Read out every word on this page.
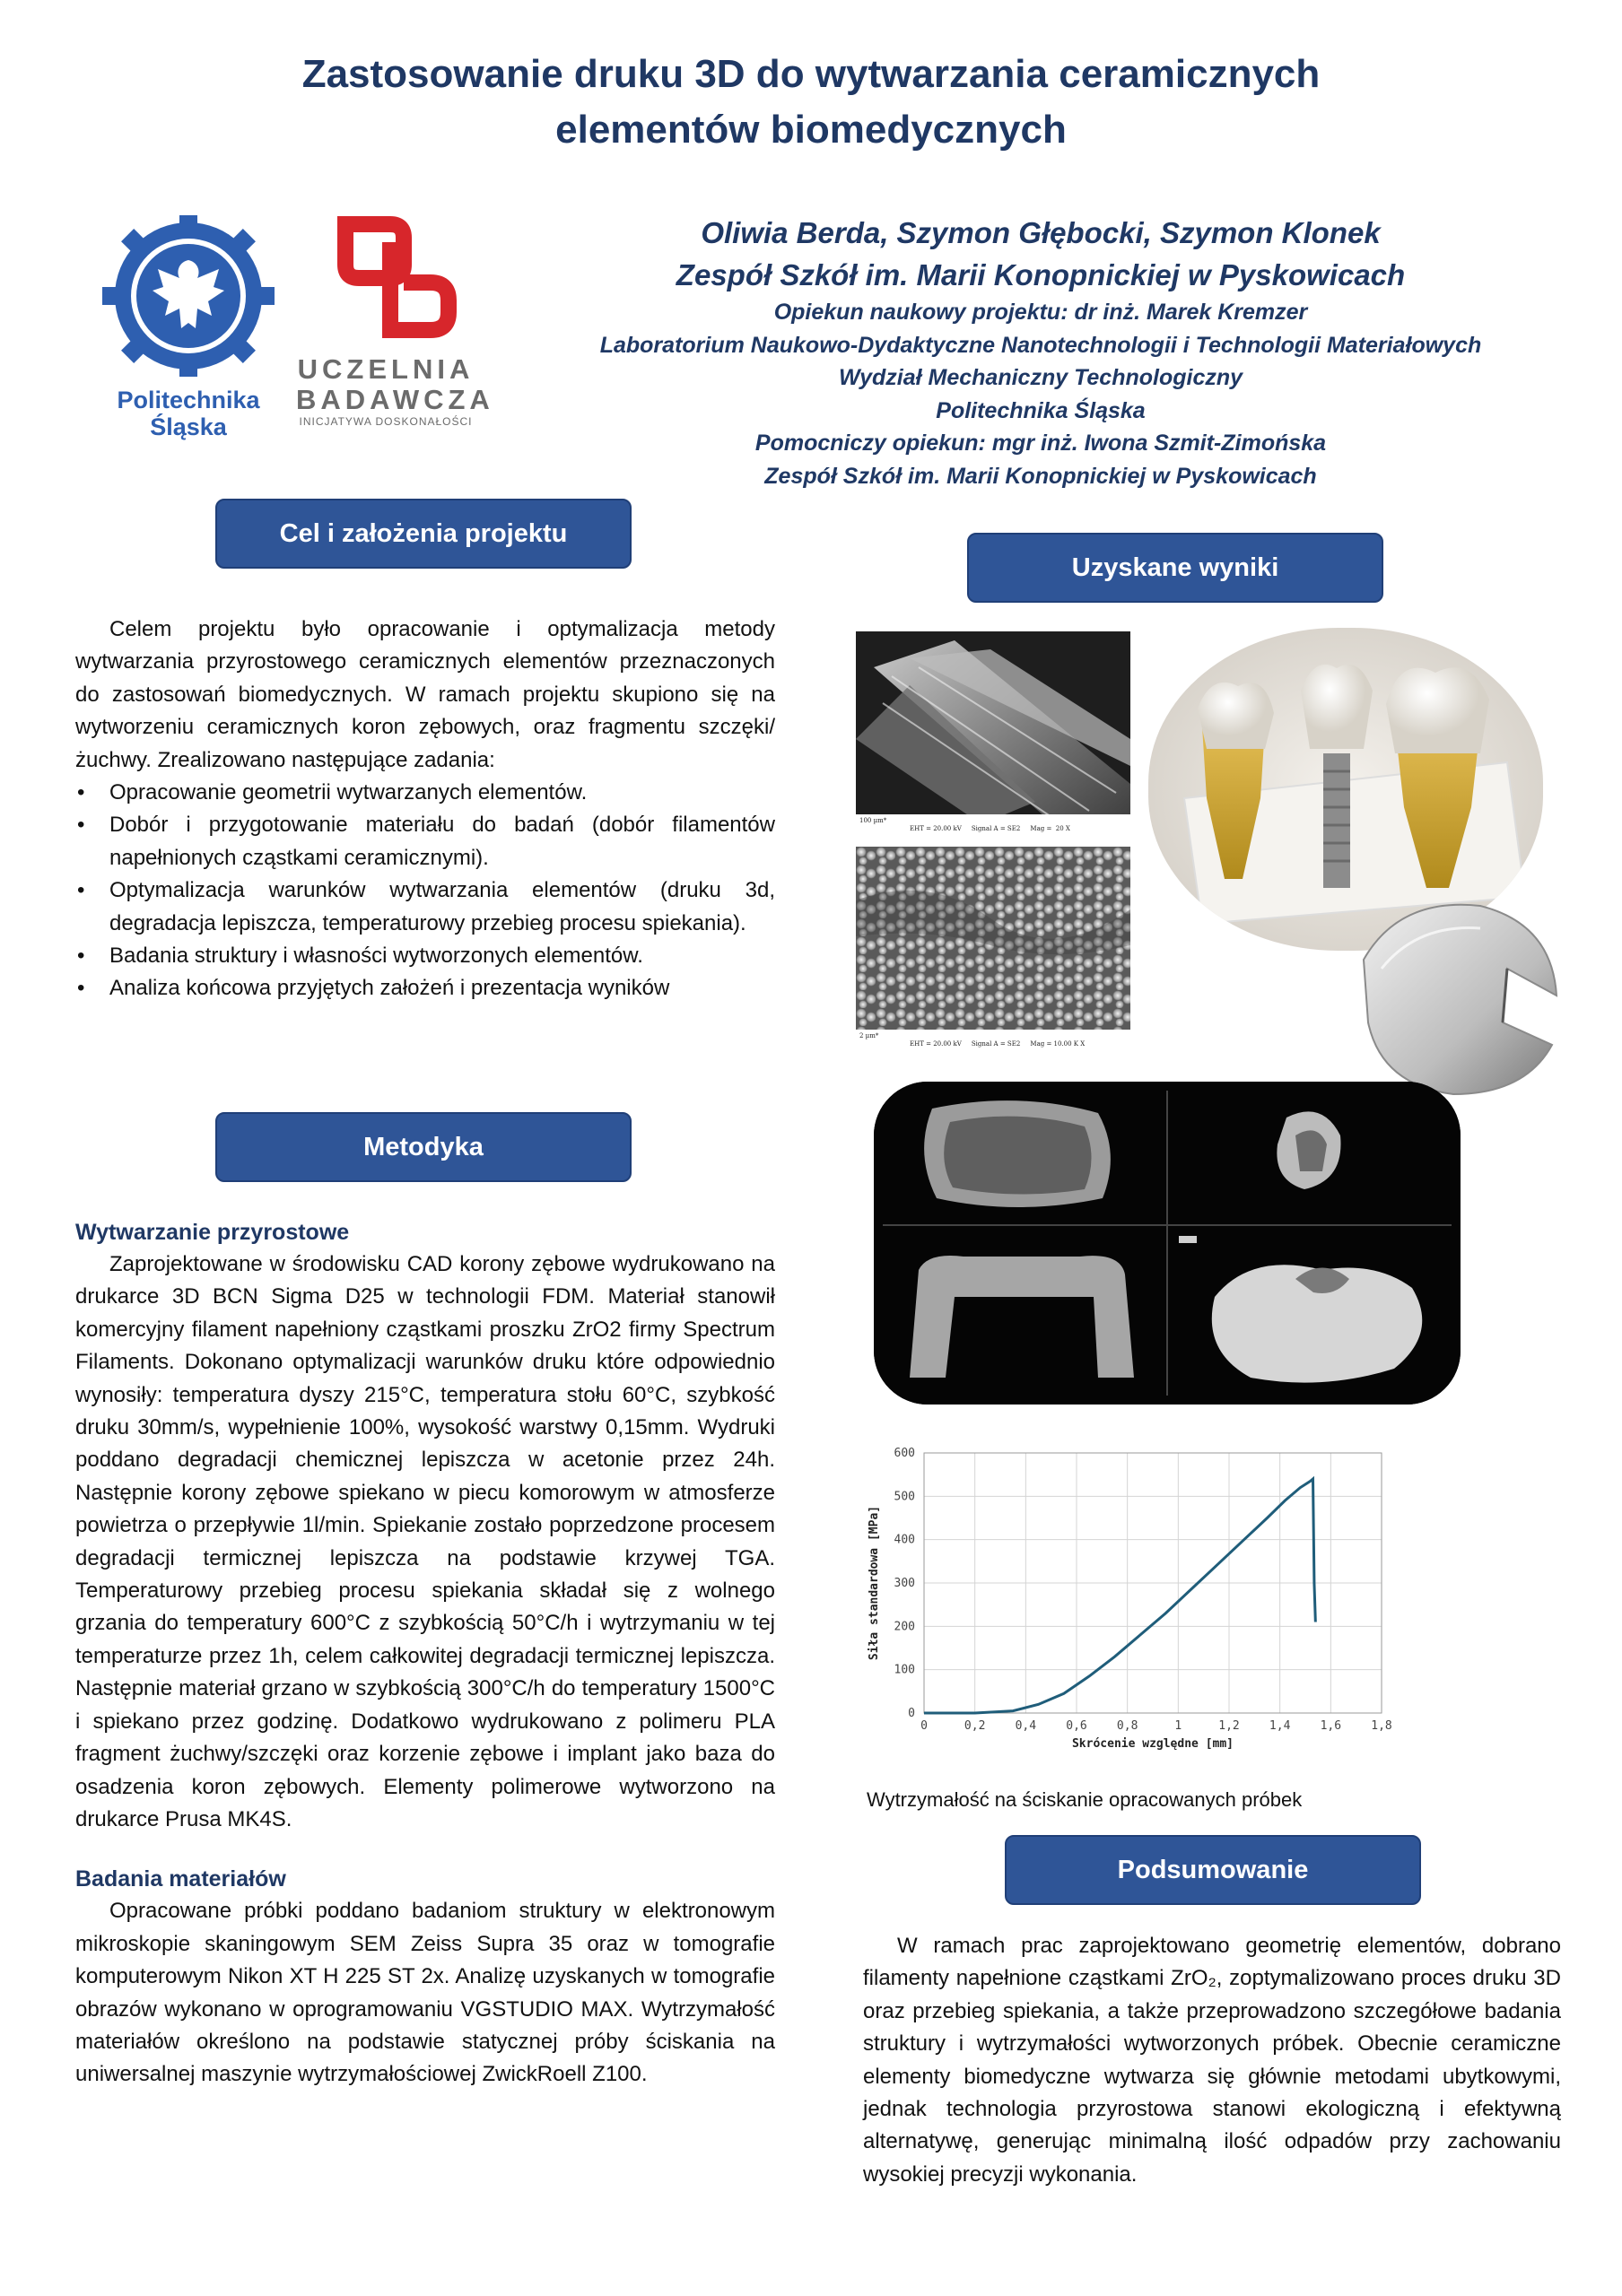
Zastosowanie druku 3D do wytwarzania ceramicznych
elementów biomedycznych
Politechnika
Śląska
UCZELNIA
BADAWCZA
INICJATYWA DOSKONAŁOŚCI
Oliwia Berda, Szymon Głębocki, Szymon Klonek
Zespół Szkół im. Marii Konopnickiej w Pyskowicach
Opiekun naukowy projektu: dr inż. Marek Kremzer
Laboratorium Naukowo-Dydaktyczne Nanotechnologii i Technologii Materiałowych
Wydział Mechaniczny Technologiczny
Politechnika Śląska
Pomocniczy opiekun: mgr inż. Iwona Szmit-Zimońska
Zespół Szkół im. Marii Konopnickiej w Pyskowicach
Cel i założenia projektu

Celem projektu było opracowanie i optymalizacja metody wytwarzania przyrostowego ceramicznych elementów przeznaczonych do zastosowań biomedycznych. W ramach projektu skupiono się na wytworzeniu ceramicznych koron zębowych, oraz fragmentu szczęki/żuchwy. Zrealizowano następujące zadania:

• Opracowanie geometrii wytwarzanych elementów.
• Dobór i przygotowanie materiału do badań (dobór filamentów napełnionych cząstkami ceramicznymi).
• Optymalizacja warunków wytwarzania elementów (druku 3d, degradacja lepiszcza, temperaturowy przebieg procesu spiekania).
• Badania struktury i własności wytworzonych elementów.
• Analiza końcowa przyjętych założeń i prezentacja wyników
Metodyka
Wytwarzanie przyrostowe

Zaprojektowane w środowisku CAD korony zębowe wydrukowano na drukarce 3D BCN Sigma D25 w technologii FDM. Materiał stanowił komercyjny filament napełniony cząstkami proszku ZrO2 firmy Spectrum Filaments. Dokonano optymalizacji warunków druku które odpowiednio wynosiły: temperatura dyszy 215°C, temperatura stołu 60°C, szybkość druku 30mm/s, wypełnienie 100%, wysokość warstwy 0,15mm. Wydruki poddano degradacji chemicznej lepiszcza w acetonie przez 24h. Następnie korony zębowe spiekano w piecu komorowym w atmosferze powietrza o przepływie 1l/min. Spiekanie zostało poprzedzone procesem degradacji termicznej lepiszcza na podstawie krzywej TGA. Temperaturowy przebieg procesu spiekania składał się z wolnego grzania do temperatury 600°C z szybkością 50°C/h i wytrzymaniu w tej temperaturze przez 1h, celem całkowitej degradacji termicznej lepiszcza. Następnie materiał grzano w szybkością 300°C/h do temperatury 1500°C i spiekano przez godzinę. Dodatkowo wydrukowano z polimeru PLA fragment żuchwy/szczęki oraz korzenie zębowe i implant jako baza do osadzenia koron zębowych. Elementy polimerowe wytworzono na drukarce Prusa MK4S.

Badania materiałów

Opracowane próbki poddano badaniom struktury w elektronowym mikroskopie skaningowym SEM Zeiss Supra 35 oraz w tomografie komputerowym Nikon XT H 225 ST 2x. Analizę uzyskanych w tomografie obrazów wykonano w oprogramowaniu VGSTUDIO MAX. Wytrzymałość materiałów określono na podstawie statycznej próby ściskania na uniwersalnej maszynie wytrzymałościowej ZwickRoell Z100.

Uzyskane wyniki
100 µm*
EHT = 20.00 kV     Signal A = SE2     Mag =  20 X
2 µm*
EHT = 20.00 kV     Signal A = SE2     Mag = 10.00 K X
0	0,2	0,4	0,6	0,8	1	1,2	1,4	1,6	1,8
0
100
200
300
400
500
600
Skrócenie względne [mm]
Siła standardowa [MPa]
Wytrzymałość na ściskanie opracowanych próbek
Podsumowanie

W ramach prac zaprojektowano geometrię elementów, dobrano filamenty napełnione cząstkami ZrO₂, zoptymalizowano proces druku 3D oraz przebieg spiekania, a także przeprowadzono szczegółowe badania struktury i wytrzymałości wytworzonych próbek. Obecnie ceramiczne elementy biomedyczne wytwarza się głównie metodami ubytkowymi, jednak technologia przyrostowa stanowi ekologiczną i efektywną alternatywę, generując minimalną ilość odpadów przy zachowaniu wysokiej precyzji wykonania.
